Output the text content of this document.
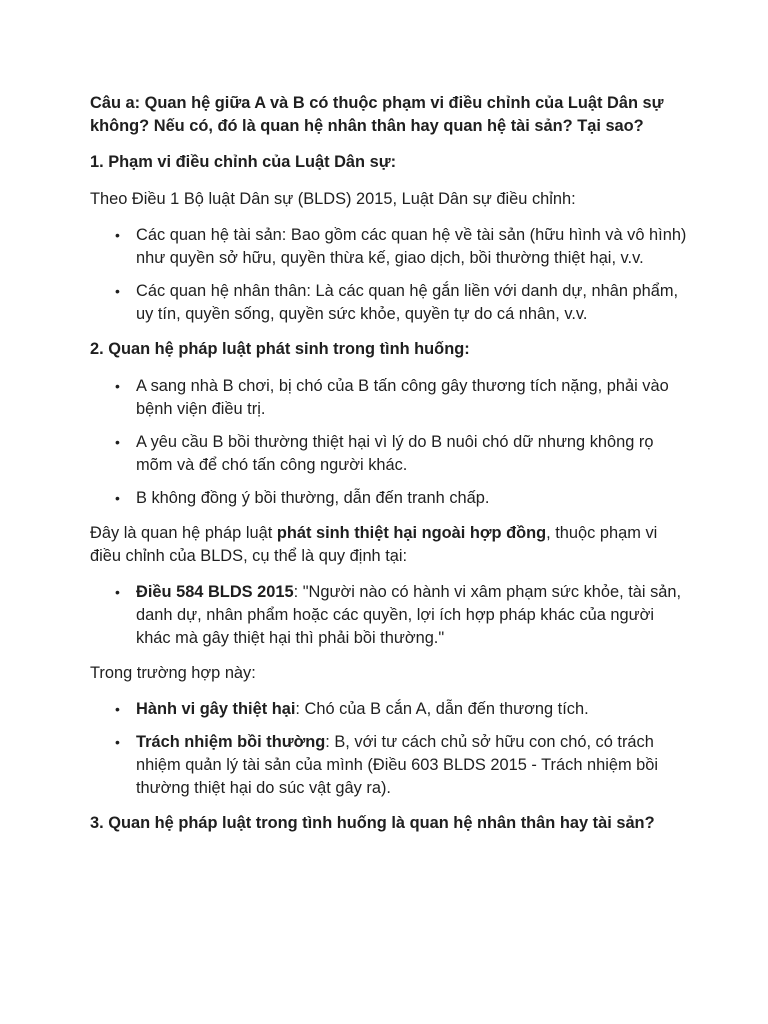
Câu a: Quan hệ giữa A và B có thuộc phạm vi điều chỉnh của Luật Dân sự không? Nếu có, đó là quan hệ nhân thân hay quan hệ tài sản? Tại sao?

1. Phạm vi điều chỉnh của Luật Dân sự:

Theo Điều 1 Bộ luật Dân sự (BLDS) 2015, Luật Dân sự điều chỉnh:

• Các quan hệ tài sản: Bao gồm các quan hệ về tài sản (hữu hình và vô hình) như quyền sở hữu, quyền thừa kế, giao dịch, bồi thường thiệt hại, v.v.
• Các quan hệ nhân thân: Là các quan hệ gắn liền với danh dự, nhân phẩm, uy tín, quyền sống, quyền sức khỏe, quyền tự do cá nhân, v.v.

2. Quan hệ pháp luật phát sinh trong tình huống:

• A sang nhà B chơi, bị chó của B tấn công gây thương tích nặng, phải vào bệnh viện điều trị.
• A yêu cầu B bồi thường thiệt hại vì lý do B nuôi chó dữ nhưng không rọ mõm và để chó tấn công người khác.
• B không đồng ý bồi thường, dẫn đến tranh chấp.

Đây là quan hệ pháp luật phát sinh thiệt hại ngoài hợp đồng, thuộc phạm vi điều chỉnh của BLDS, cụ thể là quy định tại:

• Điều 584 BLDS 2015: "Người nào có hành vi xâm phạm sức khỏe, tài sản, danh dự, nhân phẩm hoặc các quyền, lợi ích hợp pháp khác của người khác mà gây thiệt hại thì phải bồi thường."

Trong trường hợp này:

• Hành vi gây thiệt hại: Chó của B cắn A, dẫn đến thương tích.
• Trách nhiệm bồi thường: B, với tư cách chủ sở hữu con chó, có trách nhiệm quản lý tài sản của mình (Điều 603 BLDS 2015 - Trách nhiệm bồi thường thiệt hại do súc vật gây ra).

3. Quan hệ pháp luật trong tình huống là quan hệ nhân thân hay tài sản?
